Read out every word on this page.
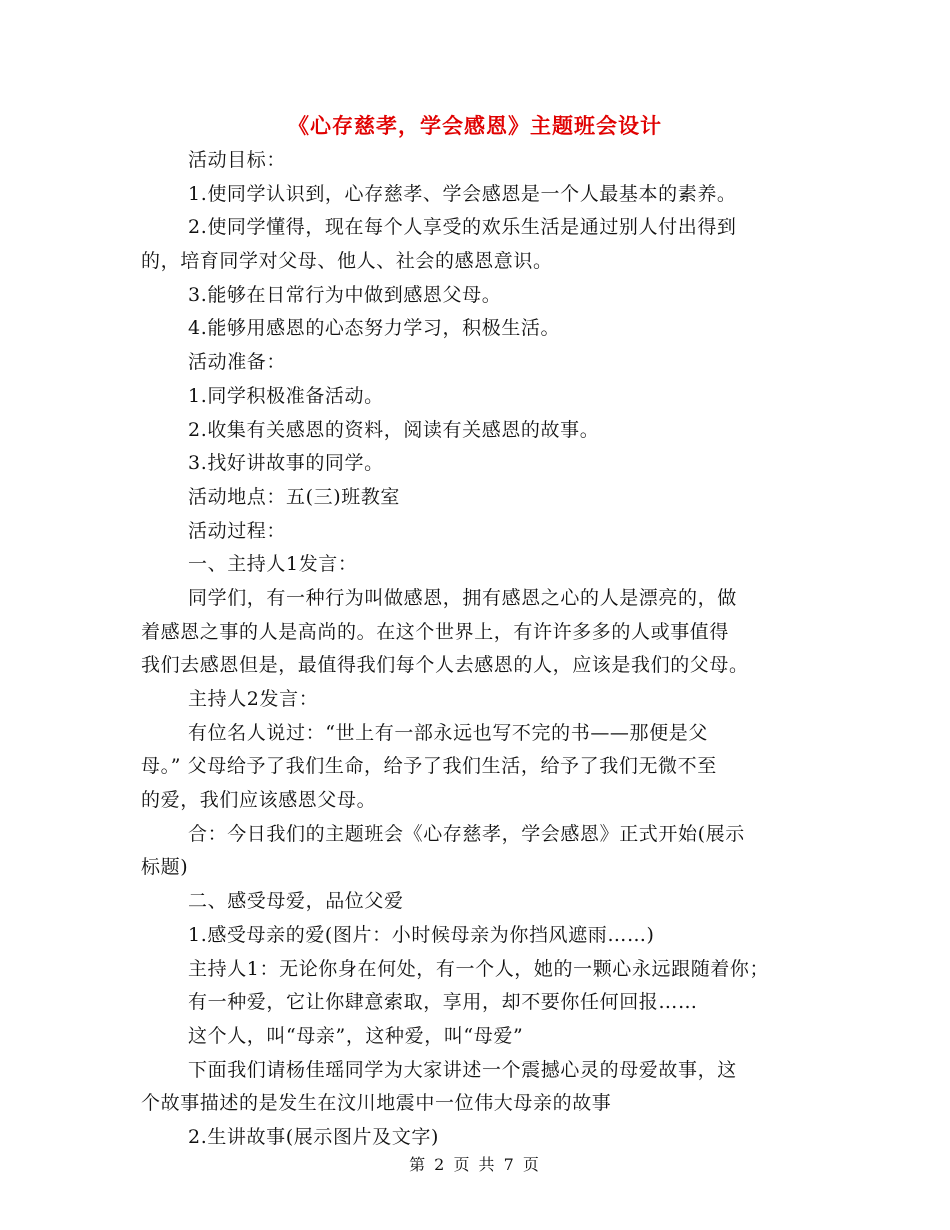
《心存慈孝，学会感恩》主题班会设计
活动目标：
1.使同学认识到，心存慈孝、学会感恩是一个人最基本的素养。
2.使同学懂得，现在每个人享受的欢乐生活是通过别人付出得到
的，培育同学对父母、他人、社会的感恩意识。
3.能够在日常行为中做到感恩父母。
4.能够用感恩的心态努力学习，积极生活。
活动准备：
1.同学积极准备活动。
2.收集有关感恩的资料，阅读有关感恩的故事。
3.找好讲故事的同学。
活动地点：五(三)班教室
活动过程：
一、主持人1发言：
同学们，有一种行为叫做感恩，拥有感恩之心的人是漂亮的，做
着感恩之事的人是高尚的。在这个世界上，有许许多多的人或事值得
我们去感恩但是，最值得我们每个人去感恩的人，应该是我们的父母。
主持人2发言：
有位名人说过：“世上有一部永远也写不完的书——那便是父
母。” 父母给予了我们生命，给予了我们生活，给予了我们无微不至
的爱，我们应该感恩父母。
合：今日我们的主题班会《心存慈孝，学会感恩》正式开始(展示
标题)
二、感受母爱，品位父爱
1.感受母亲的爱(图片：小时候母亲为你挡风遮雨……)
主持人1：无论你身在何处，有一个人，她的一颗心永远跟随着你；
有一种爱，它让你肆意索取，享用，却不要你任何回报……
这个人，叫“母亲”，这种爱，叫“母爱”
下面我们请杨佳瑶同学为大家讲述一个震撼心灵的母爱故事，这
个故事描述的是发生在汶川地震中一位伟大母亲的故事
2.生讲故事(展示图片及文字)
第 2 页 共 7 页
